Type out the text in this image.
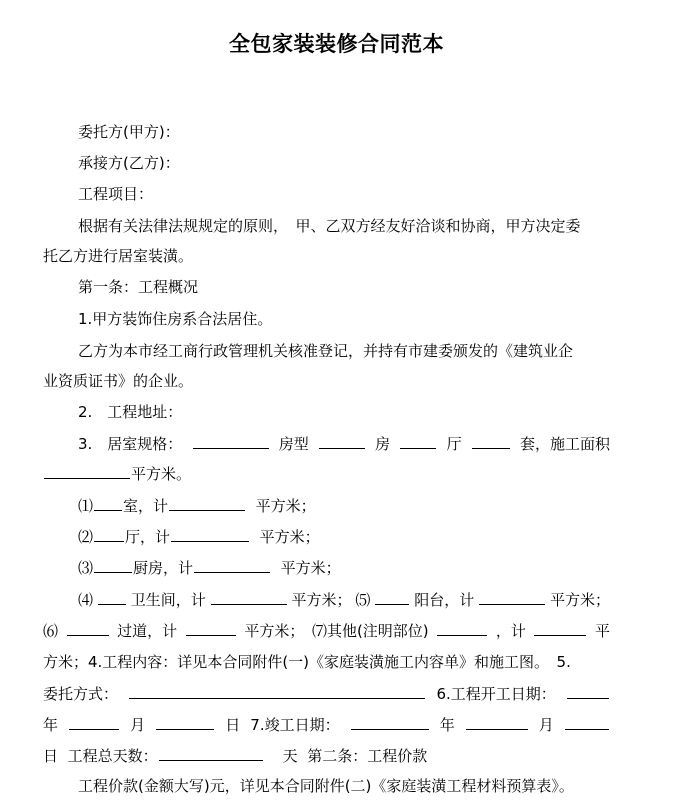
全包家装装修合同范本
委托方(甲方)：
承接方(乙方)：
工程项目：
根据有关法律法规规定的原则，　甲、乙双方经友好洽谈和协商，甲方决定委
托乙方进行居室装潢。
第一条：工程概况
1.甲方装饰住房系合法居住。
乙方为本市经工商行政管理机关核准登记，并持有市建委颁发的《建筑业企
业资质证书》的企业。
2.　工程地址：
3.　居室规格：	房型	房	厅	套，施工面积
平方米。
⑴ 室，计	平方米；
⑵ 厅，计	平方米；
⑶	厨房，计	平方米；
⑷	卫生间，计	平方米； ⑸	阳台，计	平方米；
⑹	过道，计	平方米； ⑺其他(注明部位)	，计	平
方米；4.工程内容：详见本合同附件(一)《家庭装潢施工内容单》和施工图。　5.
委托方式：	6.工程开工日期：
年	月	日 7.竣工日期：	年	月
日 工程总天数：	天 第二条：工程价款
工程价款(金额大写)元，详见本合同附件(二)《家庭装潢工程材料预算表》。
